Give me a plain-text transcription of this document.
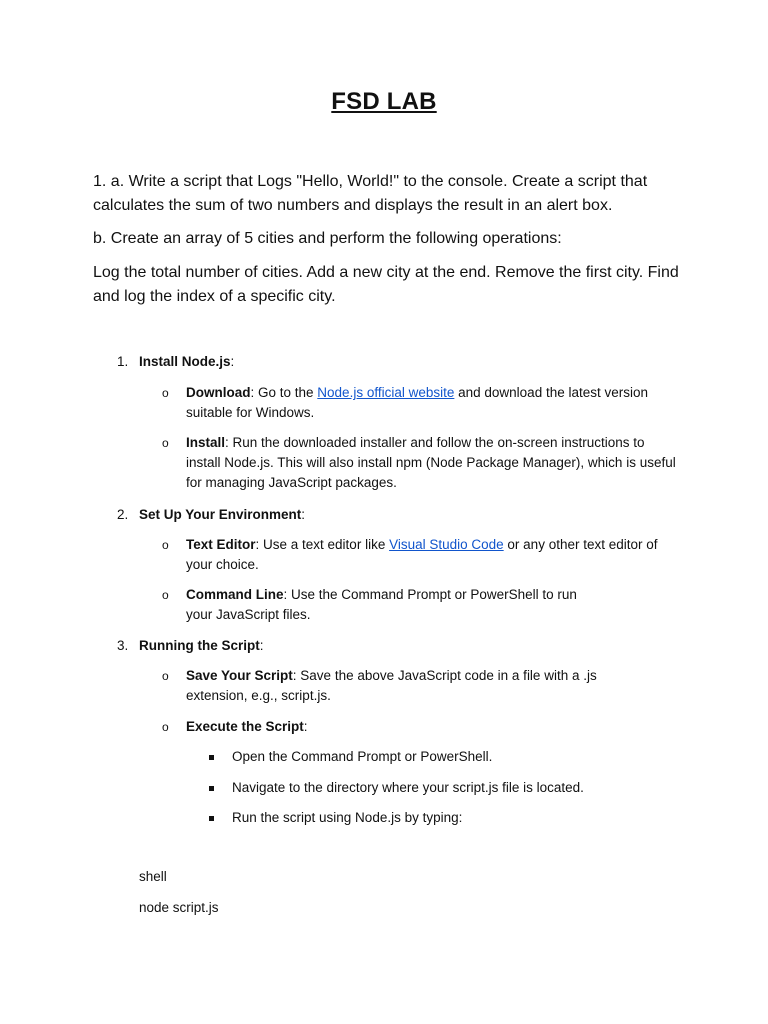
FSD LAB

1. a. Write a script that Logs "Hello, World!" to the console. Create a script that calculates the sum of two numbers and displays the result in an alert box.

b. Create an array of 5 cities and perform the following operations:

Log the total number of cities. Add a new city at the end. Remove the first city. Find and log the index of a specific city.

1. Install Node.js:
o Download: Go to the Node.js official website and download the latest version suitable for Windows.
o Install: Run the downloaded installer and follow the on-screen instructions to install Node.js. This will also install npm (Node Package Manager), which is useful for managing JavaScript packages.
2. Set Up Your Environment:
o Text Editor: Use a text editor like Visual Studio Code or any other text editor of your choice.
o Command Line: Use the Command Prompt or PowerShell to run your JavaScript files.
3. Running the Script:
o Save Your Script: Save the above JavaScript code in a file with a .js extension, e.g., script.js.
o Execute the Script:
Open the Command Prompt or PowerShell.
Navigate to the directory where your script.js file is located.
Run the script using Node.js by typing:
shell
node script.js
